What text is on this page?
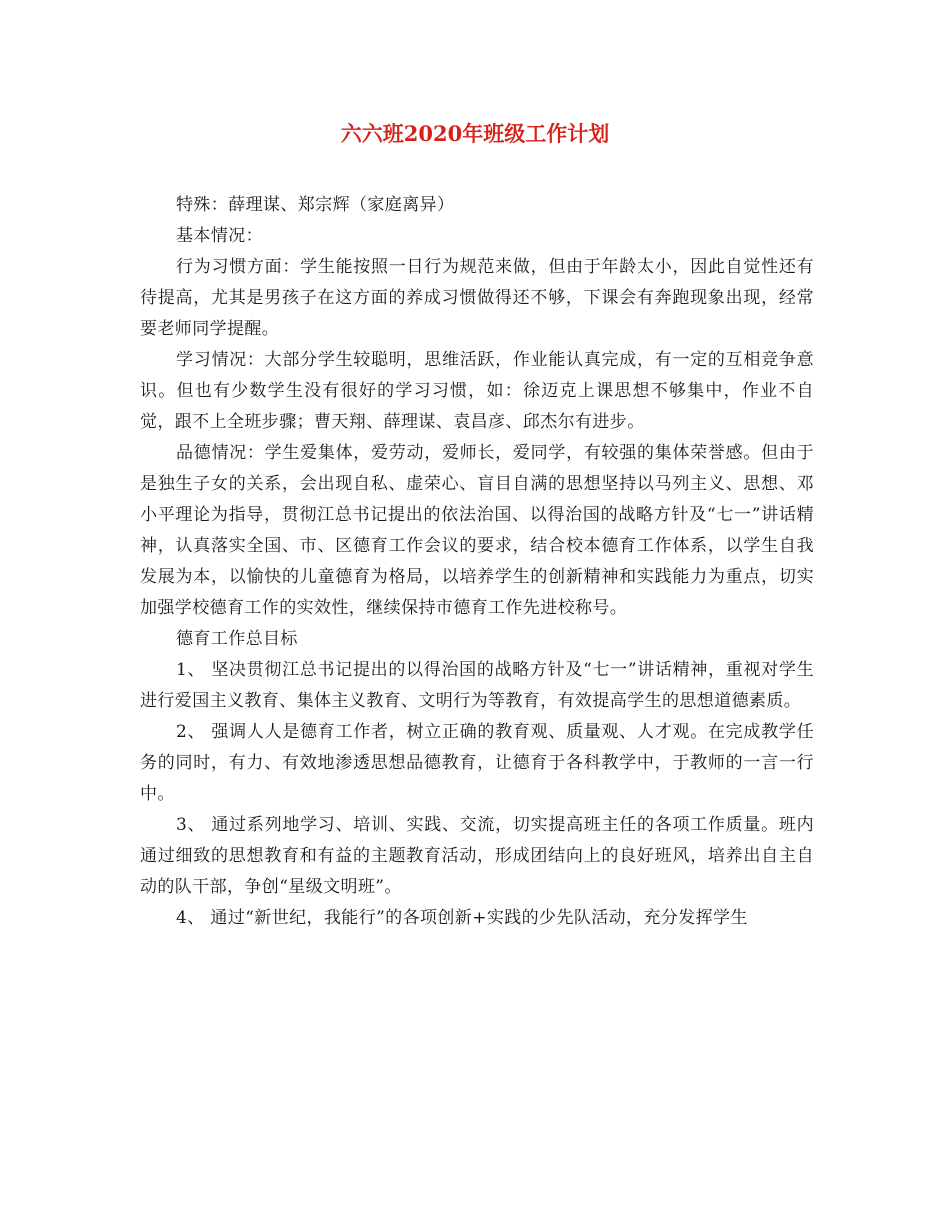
六六班2020年班级工作计划

特殊：薛理谋、郑宗辉（家庭离异）

基本情况：

行为习惯方面：学生能按照一日行为规范来做，但由于年龄太小，因此自觉性还有待提高，尤其是男孩子在这方面的养成习惯做得还不够，下课会有奔跑现象出现，经常要老师同学提醒。

学习情况：大部分学生较聪明，思维活跃，作业能认真完成，有一定的互相竞争意识。但也有少数学生没有很好的学习习惯，如：徐迈克上课思想不够集中，作业不自觉，跟不上全班步骤；曹天翔、薛理谋、袁昌彦、邱杰尔有进步。

品德情况：学生爱集体，爱劳动，爱师长，爱同学，有较强的集体荣誉感。但由于是独生子女的关系，会出现自私、虚荣心、盲目自满的思想坚持以马列主义、思想、邓小平理论为指导，贯彻江总书记提出的依法治国、以得治国的战略方针及“七一”讲话精神，认真落实全国、市、区德育工作会议的要求，结合校本德育工作体系，以学生自我发展为本，以愉快的儿童德育为格局，以培养学生的创新精神和实践能力为重点，切实加强学校德育工作的实效性，继续保持市德育工作先进校称号。

德育工作总目标

1、 坚决贯彻江总书记提出的以得治国的战略方针及“七一”讲话精神，重视对学生进行爱国主义教育、集体主义教育、文明行为等教育，有效提高学生的思想道德素质。

2、 强调人人是德育工作者，树立正确的教育观、质量观、人才观。在完成教学任务的同时，有力、有效地渗透思想品德教育，让德育于各科教学中，于教师的一言一行中。

3、 通过系列地学习、培训、实践、交流，切实提高班主任的各项工作质量。班内通过细致的思想教育和有益的主题教育活动，形成团结向上的良好班风，培养出自主自动的队干部，争创“星级文明班”。

4、 通过“新世纪，我能行”的各项创新+实践的少先队活动，充分发挥学生
